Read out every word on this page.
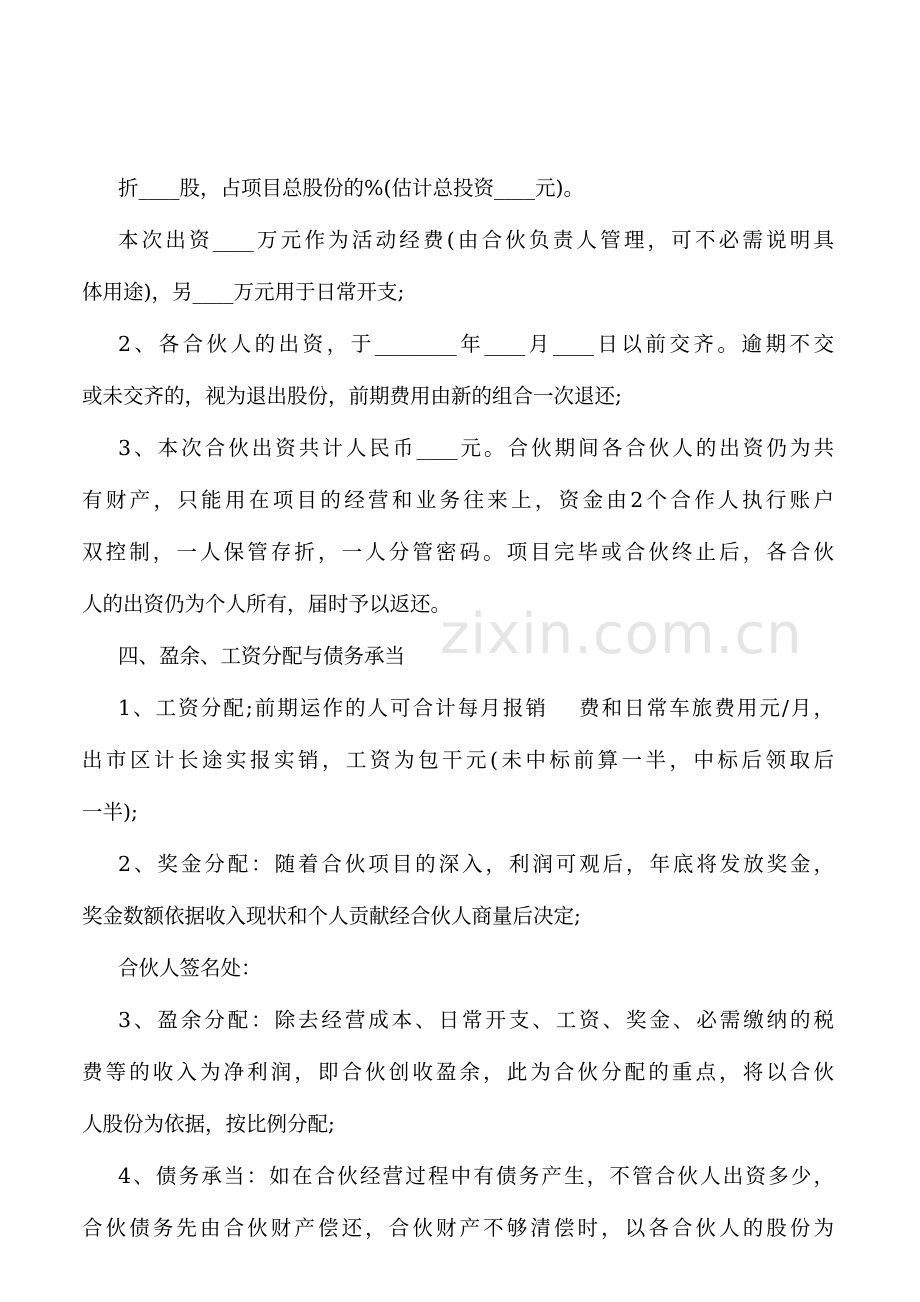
zixin.com.cn
折____股，占项目总股份的%(估计总投资____元)。
本次出资____万元作为活动经费(由合伙负责人管理，可不必需说明具
体用途)，另____万元用于日常开支;
2、各合伙人的出资，于________年____月____日以前交齐。逾期不交
或未交齐的，视为退出股份，前期费用由新的组合一次退还;
3、本次合伙出资共计人民币____元。合伙期间各合伙人的出资仍为共
有财产，只能用在项目的经营和业务往来上，资金由2个合作人执行账户
双控制，一人保管存折，一人分管密码。项目完毕或合伙终止后，各合伙
人的出资仍为个人所有，届时予以返还。
四、盈余、工资分配与债务承当
1、工资分配;前期运作的人可合计每月报销　 费和日常车旅费用元/月，
出市区计长途实报实销，工资为包干元(未中标前算一半，中标后领取后
一半);
2、奖金分配：随着合伙项目的深入，利润可观后，年底将发放奖金，
奖金数额依据收入现状和个人贡献经合伙人商量后决定;
合伙人签名处：
3、盈余分配：除去经营成本、日常开支、工资、奖金、必需缴纳的税
费等的收入为净利润，即合伙创收盈余，此为合伙分配的重点，将以合伙
人股份为依据，按比例分配;
4、债务承当：如在合伙经营过程中有债务产生，不管合伙人出资多少，
合伙债务先由合伙财产偿还，合伙财产不够清偿时，以各合伙人的股份为
